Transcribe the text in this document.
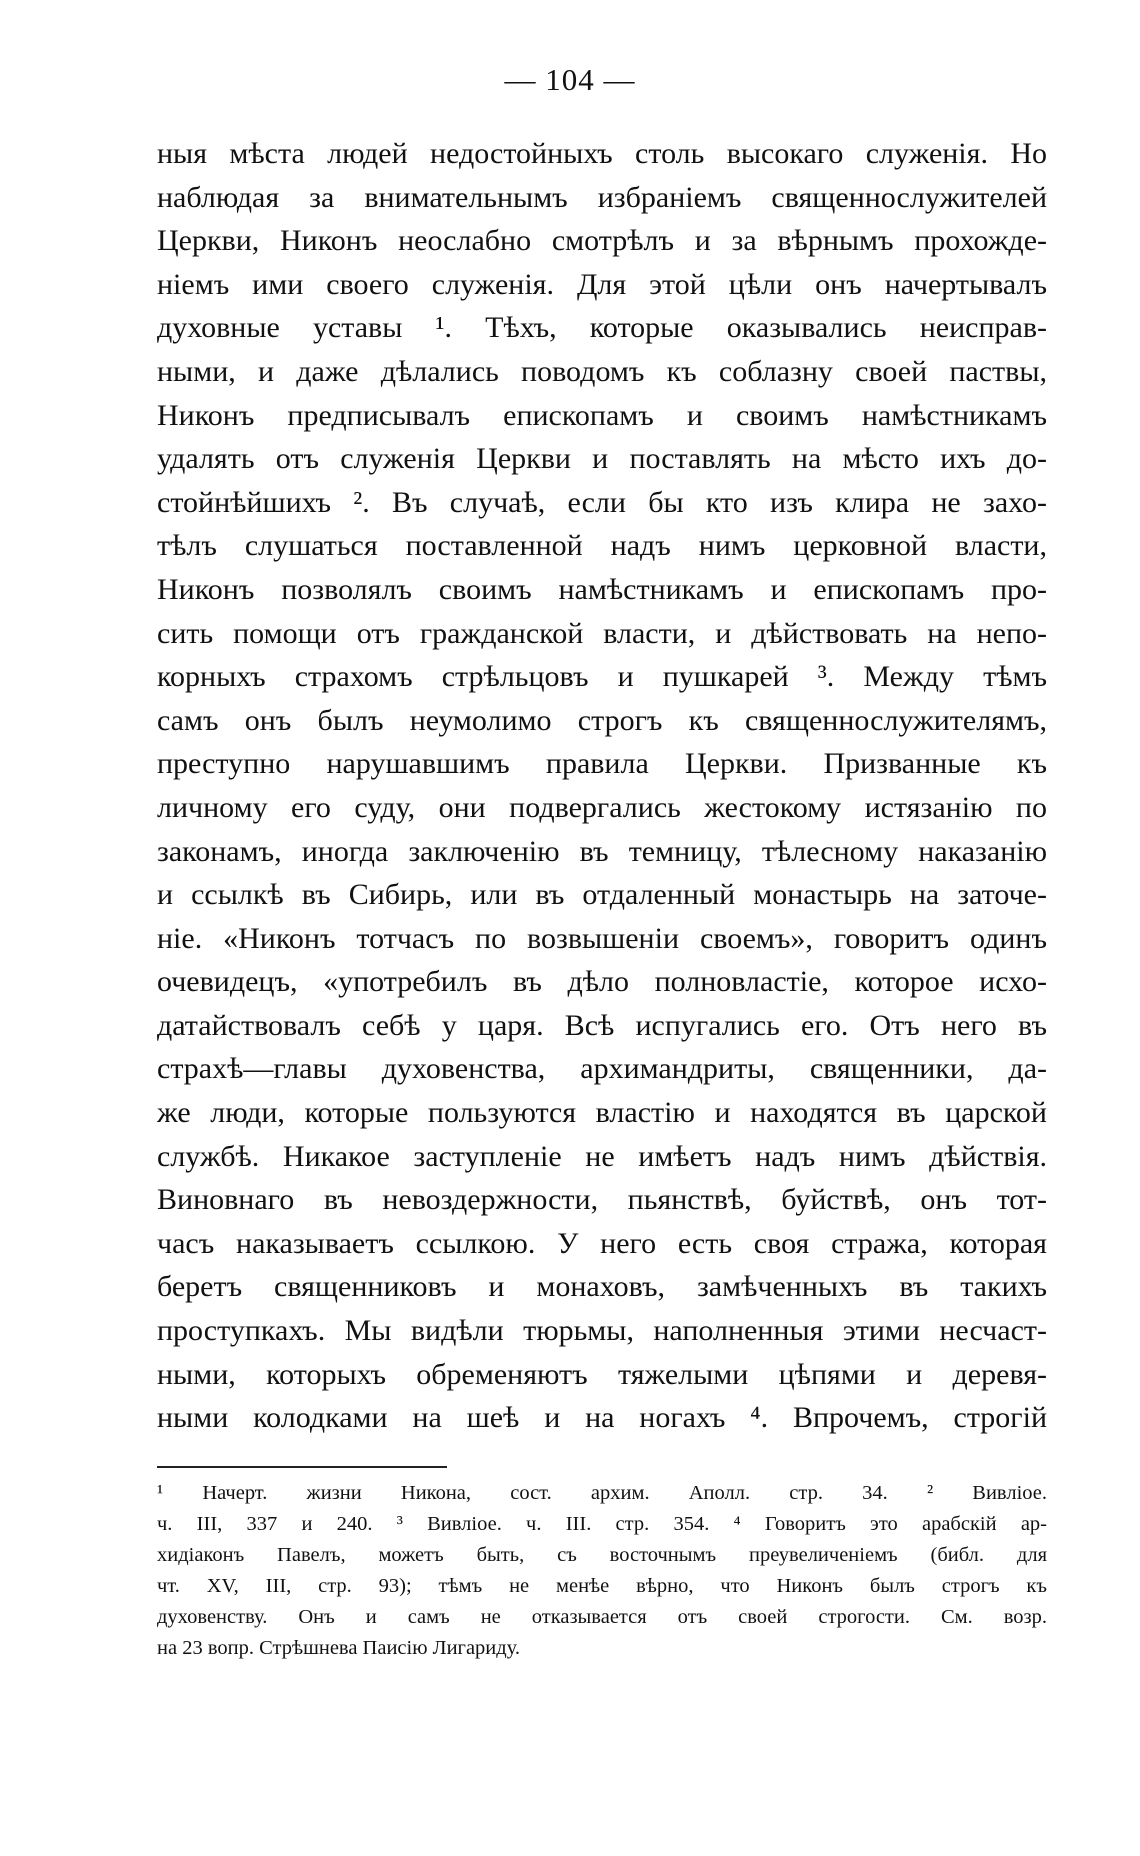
— 104 —
ныя мѣста людей недостойныхъ столь высокаго служенія. Но
наблюдая за внимательнымъ избраніемъ священнослужителей
Церкви, Никонъ неослабно смотрѣлъ и за вѣрнымъ прохожде-
ніемъ ими своего служенія. Для этой цѣли онъ начертывалъ
духовные уставы ¹. Тѣхъ, которые оказывались неисправ-
ными, и даже дѣлались поводомъ къ соблазну своей паствы,
Никонъ предписывалъ епископамъ и своимъ намѣстникамъ
удалять отъ служенія Церкви и поставлять на мѣсто ихъ до-
стойнѣйшихъ ². Въ случаѣ, если бы кто изъ клира не захо-
тѣлъ слушаться поставленной надъ нимъ церковной власти,
Никонъ позволялъ своимъ намѣстникамъ и епископамъ про-
сить помощи отъ гражданской власти, и дѣйствовать на непо-
корныхъ страхомъ стрѣльцовъ и пушкарей ³. Между тѣмъ
самъ онъ былъ неумолимо строгъ къ священнослужителямъ,
преступно нарушавшимъ правила Церкви. Призванные къ
личному его суду, они подвергались жестокому истязанію по
законамъ, иногда заключенію въ темницу, тѣлесному наказанію
и ссылкѣ въ Сибирь, или въ отдаленный монастырь на заточе-
ніе. «Никонъ тотчасъ по возвышеніи своемъ», говоритъ одинъ
очевидецъ, «употребилъ въ дѣло полновластіе, которое исхо-
датайствовалъ себѣ у царя. Всѣ испугались его. Отъ него въ
страхѣ—главы духовенства, архимандриты, священники, да-
же люди, которые пользуются властію и находятся въ царской
службѣ. Никакое заступленіе не имѣетъ надъ нимъ дѣйствія.
Виновнаго въ невоздержности, пьянствѣ, буйствѣ, онъ тот-
часъ наказываетъ ссылкою. У него есть своя стража, которая
беретъ священниковъ и монаховъ, замѣченныхъ въ такихъ
проступкахъ. Мы видѣли тюрьмы, наполненныя этими несчаст-
ными, которыхъ обременяютъ тяжелыми цѣпями и деревя-
ными колодками на шеѣ и на ногахъ ⁴. Впрочемъ, строгій
¹ Начерт. жизни Никона, сост. архим. Аполл. стр. 34. ² Вивліое.
ч. III, 337 и 240. ³ Вивліое. ч. III. стр. 354. ⁴ Говоритъ это арабскій ар-
хидіаконъ Павелъ, можетъ быть, съ восточнымъ преувеличеніемъ (библ. для
чт. XV, III, стр. 93); тѣмъ не менѣе вѣрно, что Никонъ былъ строгъ къ
духовенству. Онъ и самъ не отказывается отъ своей строгости. См. возр.
на 23 вопр. Стрѣшнева Паисію Лигариду.
